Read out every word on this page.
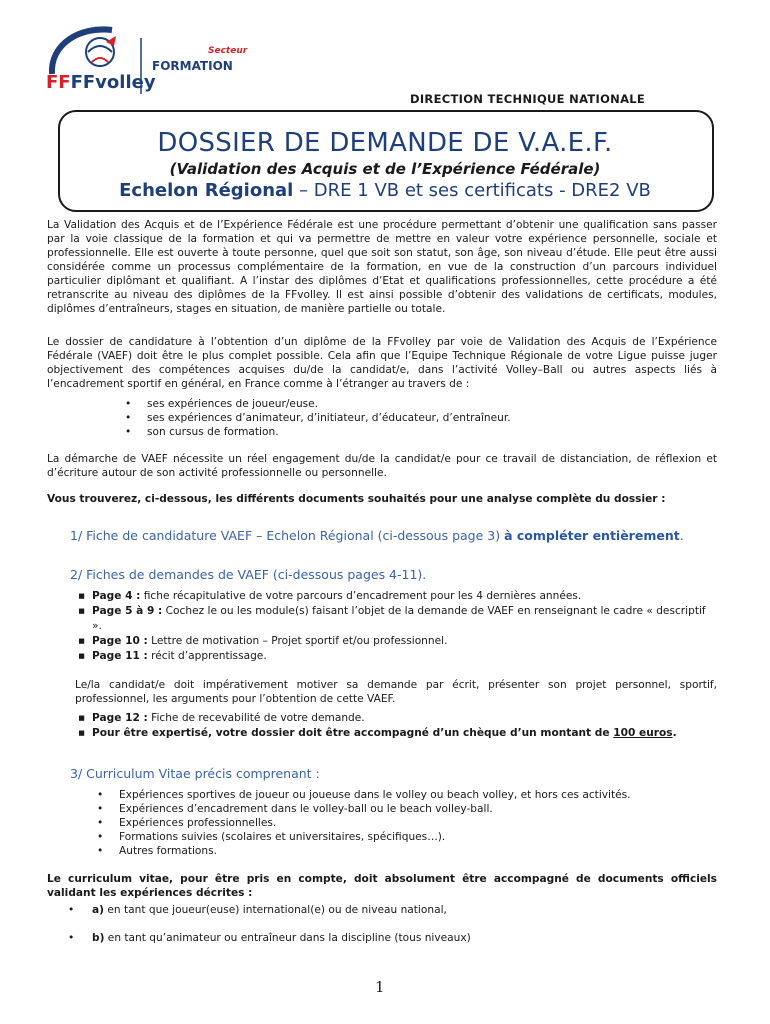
FFFFvolley
Secteur
FORMATION
DIRECTION TECHNIQUE NATIONALE
DOSSIER DE DEMANDE DE V.A.E.F.
(Validation des Acquis et de l’Expérience Fédérale)
Echelon Régional – DRE 1 VB et ses certificats - DRE2 VB
La Validation des Acquis et de l’Expérience Fédérale est une procédure permettant d’obtenir une qualification sans passer par la voie classique de la formation et qui va permettre de mettre en valeur votre expérience personnelle, sociale et professionnelle. Elle est ouverte à toute personne, quel que soit son statut, son âge, son niveau d’étude. Elle peut être aussi considérée comme un processus complémentaire de la formation, en vue de la construction d’un parcours individuel particulier diplômant et qualifiant. A l’instar des diplômes d’Etat et qualifications professionnelles, cette procédure a été retranscrite au niveau des diplômes de la FFvolley. Il est ainsi possible d’obtenir des validations de certificats, modules, diplômes d’entraîneurs, stages en situation, de manière partielle ou totale.
Le dossier de candidature à l’obtention d’un diplôme de la FFvolley par voie de Validation des Acquis de l’Expérience Fédérale (VAEF) doit être le plus complet possible. Cela afin que l’Equipe Technique Régionale de votre Ligue puisse juger objectivement des compétences acquises du/de la candidat/e, dans l’activité Volley–Ball ou autres aspects liés à l’encadrement sportif en général, en France comme à l’étranger au travers de :
• ses expériences de joueur/euse.
• ses expériences d’animateur, d’initiateur, d’éducateur, d’entraîneur.
• son cursus de formation.
La démarche de VAEF nécessite un réel engagement du/de la candidat/e pour ce travail de distanciation, de réflexion et d’écriture autour de son activité professionnelle ou personnelle.
Vous trouverez, ci-dessous, les différents documents souhaités pour une analyse complète du dossier :
1/ Fiche de candidature VAEF – Echelon Régional (ci-dessous page 3) à compléter entièrement.
2/ Fiches de demandes de VAEF (ci-dessous pages 4-11).
▪ Page 4 : fiche récapitulative de votre parcours d’encadrement pour les 4 dernières années.
▪ Page 5 à 9 : Cochez le ou les module(s) faisant l’objet de la demande de VAEF en renseignant le cadre « descriptif ».
▪ Page 10 : Lettre de motivation – Projet sportif et/ou professionnel.
▪ Page 11 : récit d’apprentissage.
Le/la candidat/e doit impérativement motiver sa demande par écrit, présenter son projet personnel, sportif, professionnel, les arguments pour l’obtention de cette VAEF.
▪ Page 12 : Fiche de recevabilité de votre demande.
▪ Pour être expertisé, votre dossier doit être accompagné d’un chèque d’un montant de 100 euros.
3/ Curriculum Vitae précis comprenant :
• Expériences sportives de joueur ou joueuse dans le volley ou beach volley, et hors ces activités.
• Expériences d’encadrement dans le volley-ball ou le beach volley-ball.
• Expériences professionnelles.
• Formations suivies (scolaires et universitaires, spécifiques…).
• Autres formations.
Le curriculum vitae, pour être pris en compte, doit absolument être accompagné de documents officiels validant les expériences décrites :
• a) en tant que joueur(euse) international(e) ou de niveau national,
• b) en tant qu’animateur ou entraîneur dans la discipline (tous niveaux)
1
